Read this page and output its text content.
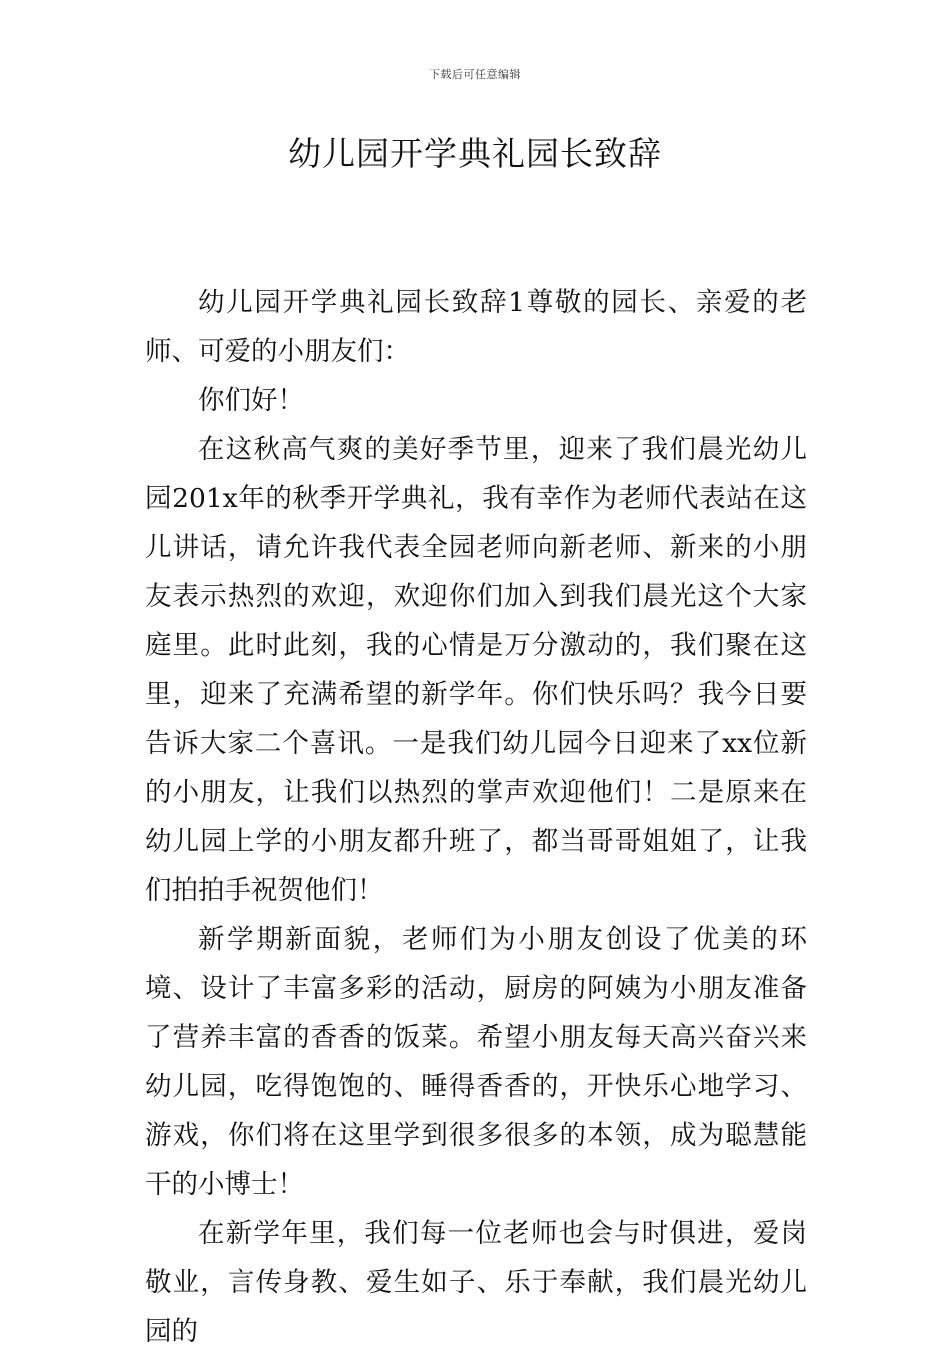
下载后可任意编辑
幼儿园开学典礼园长致辞

幼儿园开学典礼园长致辞1尊敬的园长、亲爱的老师、可爱的小朋友们：

你们好！

在这秋高气爽的美好季节里，迎来了我们晨光幼儿园201x年的秋季开学典礼，我有幸作为老师代表站在这儿讲话，请允许我代表全园老师向新老师、新来的小朋友表示热烈的欢迎，欢迎你们加入到我们晨光这个大家庭里。此时此刻，我的心情是万分激动的，我们聚在这里，迎来了充满希望的新学年。你们快乐吗？我今日要告诉大家二个喜讯。一是我们幼儿园今日迎来了xx位新的小朋友，让我们以热烈的掌声欢迎他们！二是原来在幼儿园上学的小朋友都升班了，都当哥哥姐姐了，让我们拍拍手祝贺他们！

新学期新面貌，老师们为小朋友创设了优美的环境、设计了丰富多彩的活动，厨房的阿姨为小朋友准备了营养丰富的香香的饭菜。希望小朋友每天高兴奋兴来幼儿园，吃得饱饱的、睡得香香的，开快乐心地学习、游戏，你们将在这里学到很多很多的本领，成为聪慧能干的小博士！

在新学年里，我们每一位老师也会与时俱进，爱岗敬业，言传身教、爱生如子、乐于奉献，我们晨光幼儿园的
